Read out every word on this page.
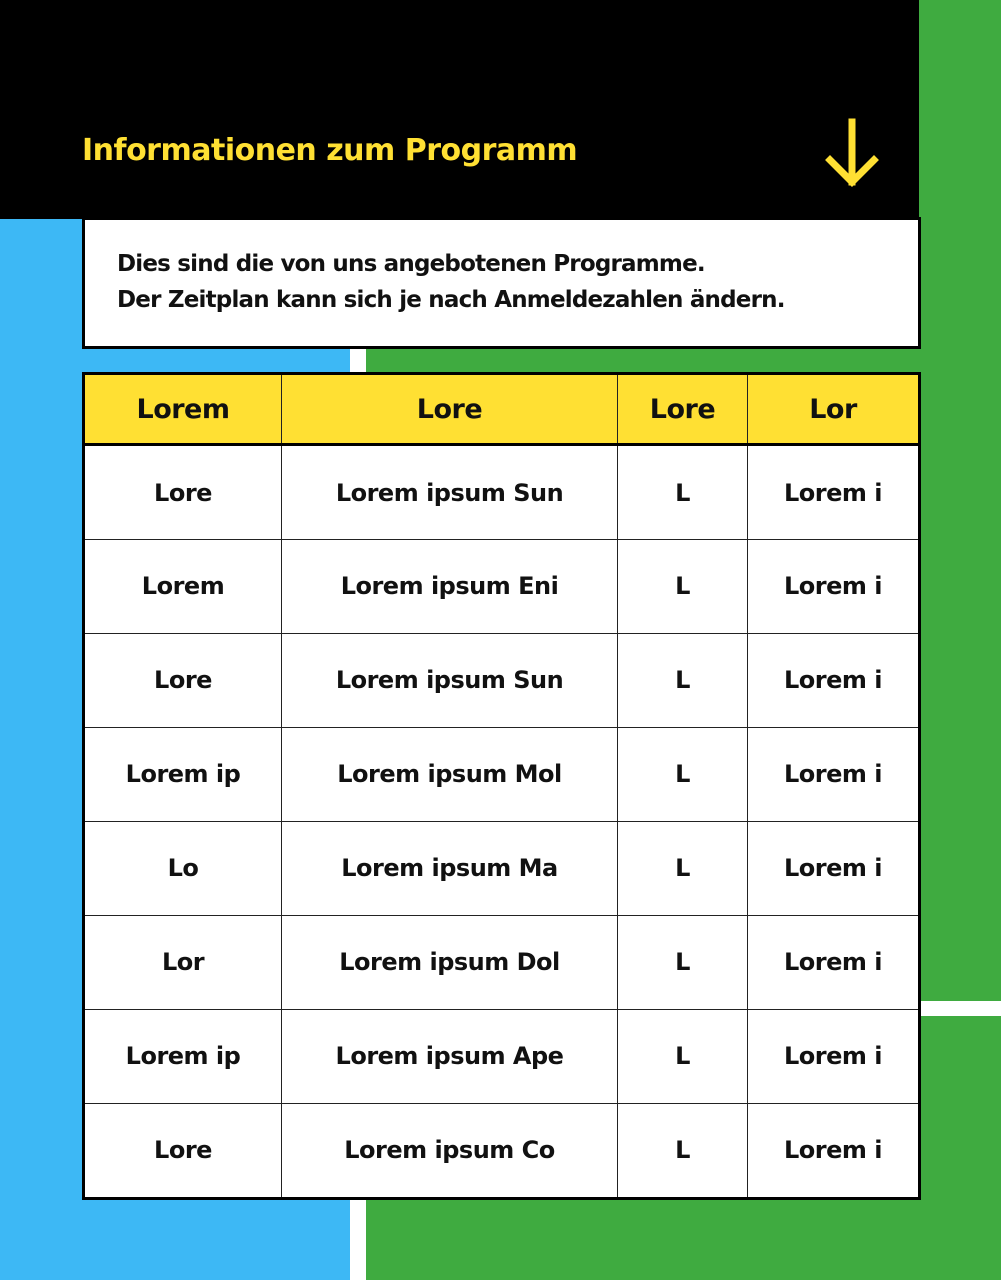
Informationen zum Programm
Dies sind die von uns angebotenen Programme.
Der Zeitplan kann sich je nach Anmeldezahlen ändern.
Lorem	Lore	Lore	Lor
Lore	Lorem ipsum Sun	L	Lorem i
Lorem	Lorem ipsum Eni	L	Lorem i
Lore	Lorem ipsum Sun	L	Lorem i
Lorem ip	Lorem ipsum Mol	L	Lorem i
Lo	Lorem ipsum Ma	L	Lorem i
Lor	Lorem ipsum Dol	L	Lorem i
Lorem ip	Lorem ipsum Ape	L	Lorem i
Lore	Lorem ipsum Co	L	Lorem i
